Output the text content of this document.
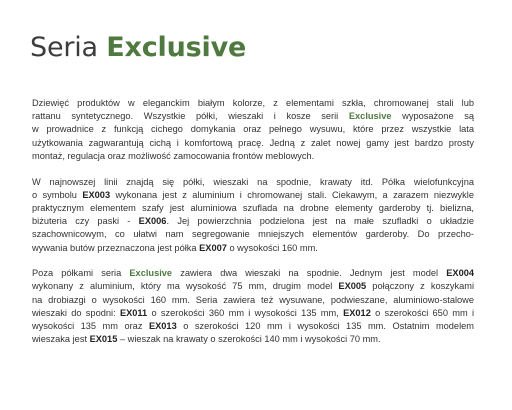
Seria Exclusive

Dziewięć produktów w eleganckim białym kolorze, z elementami szkła, chromowanej stali lub
rattanu syntetycznego. Wszystkie półki, wieszaki i kosze serii Exclusive wyposażone są
w prowadnice z funkcją cichego domykania oraz pełnego wysuwu, które przez wszystkie lata
użytkowania zagwarantują cichą i komfortową pracę. Jedną z zalet nowej gamy jest bardzo prosty
montaż, regulacja oraz możliwość zamocowania frontów meblowych.

W najnowszej linii znajdą się półki, wieszaki na spodnie, krawaty itd. Półka wielofunkcyjna
o symbolu EX003 wykonana jest z aluminium i chromowanej stali. Ciekawym, a zarazem niezwykle
praktycznym elementem szafy jest aluminiowa szuflada na drobne elementy garderoby tj. bielizna,
biżuteria czy paski - EX006. Jej powierzchnia podzielona jest na małe szufladki o układzie
szachownicowym, co ułatwi nam segregowanie mniejszych elementów garderoby. Do przecho-
wywania butów przeznaczona jest półka EX007 o wysokości 160 mm.

Poza półkami seria Exclusive zawiera dwa wieszaki na spodnie. Jednym jest model EX004
wykonany z aluminium, który ma wysokość 75 mm, drugim model EX005 połączony z koszykami
na drobiazgi o wysokości 160 mm. Seria zawiera też wysuwane, podwieszane, aluminiowo-stalowe
wieszaki do spodni: EX011 o szerokości 360 mm i wysokości 135 mm, EX012 o szerokości 650 mm i
wysokości 135 mm oraz EX013 o szerokości 120 mm i wysokości 135 mm. Ostatnim modelem
wieszaka jest EX015 – wieszak na krawaty o szerokości 140 mm i wysokości 70 mm.
